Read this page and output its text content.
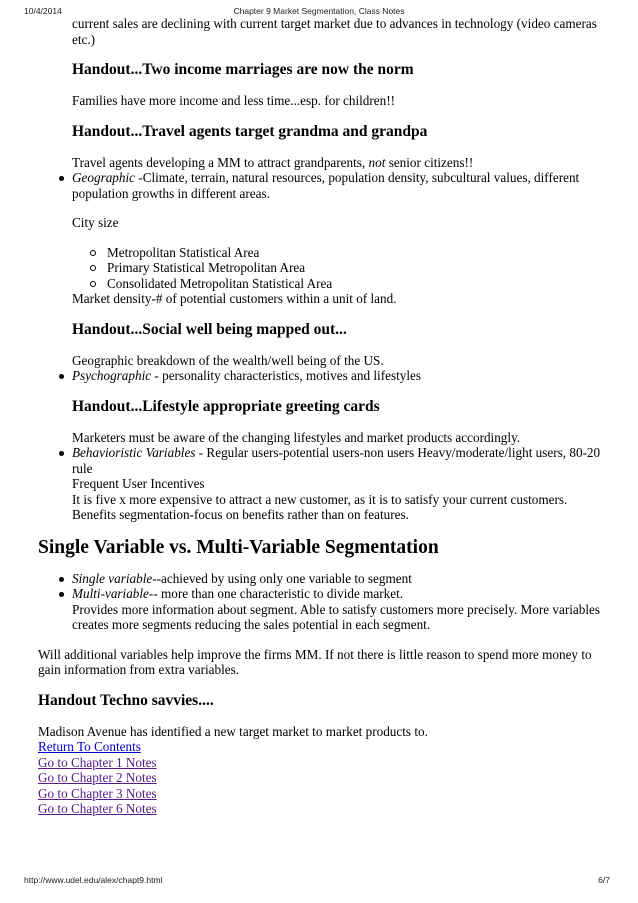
10/4/2014	Chapter 9 Market Segmentation, Class Notes

current sales are declining with current target market due to advances in technology (video cameras etc.)

Handout...Two income marriages are now the norm

Families have more income and less time...esp. for children!!

Handout...Travel agents target grandma and grandpa

Travel agents developing a MM to attract grandparents, not senior citizens!!

Geographic -Climate, terrain, natural resources, population density, subcultural values, different population growths in different areas.

City size

Metropolitan Statistical Area
Primary Statistical Metropolitan Area
Consolidated Metropolitan Statistical Area

Market density-# of potential customers within a unit of land.

Handout...Social well being mapped out...

Geographic breakdown of the wealth/well being of the US.

Psychographic - personality characteristics, motives and lifestyles

Handout...Lifestyle appropriate greeting cards

Marketers must be aware of the changing lifestyles and market products accordingly.

Behavioristic Variables - Regular users-potential users-non users Heavy/moderate/light users, 80-20 rule

Frequent User Incentives

It is five x more expensive to attract a new customer, as it is to satisfy your current customers.

Benefits segmentation-focus on benefits rather than on features.

Single Variable vs. Multi-Variable Segmentation

Single variable--achieved by using only one variable to segment

Multi-variable-- more than one characteristic to divide market.

Provides more information about segment. Able to satisfy customers more precisely. More variables creates more segments reducing the sales potential in each segment.

Will additional variables help improve the firms MM. If not there is little reason to spend more money to gain information from extra variables.

Handout Techno savvies....

Madison Avenue has identified a new target market to market products to.

Return To Contents
Go to Chapter 1 Notes
Go to Chapter 2 Notes
Go to Chapter 3 Notes
Go to Chapter 6 Notes
http://www.udel.edu/alex/chapt9.html	6/7
